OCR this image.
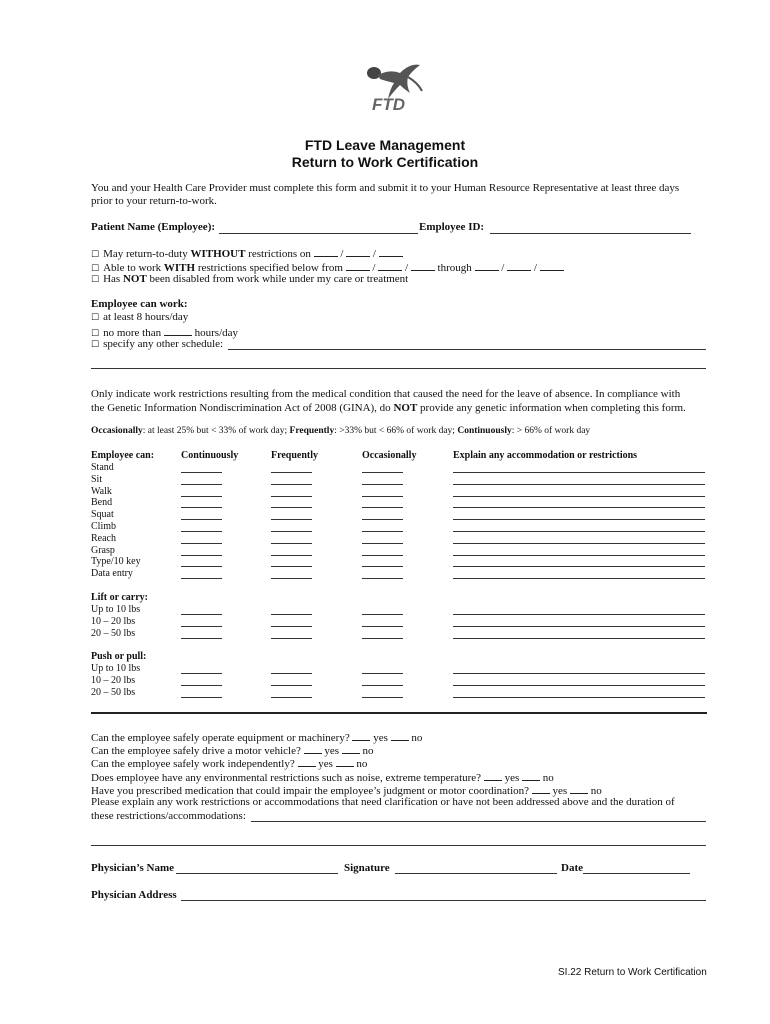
FTD
FTD Leave Management
Return to Work Certification
You and your Health Care Provider must complete this form and submit it to your Human Resource Representative at least three days
prior to your return-to-work.
Patient Name (Employee):	Employee ID:
☐ May return-to-duty WITHOUT restrictions on	/	/
☐ Able to work WITH restrictions specified below from	/	/	through	/	/
☐ Has NOT been disabled from work while under my care or treatment
Employee can work:
☐ at least 8 hours/day
☐ no more than	hours/day
☐ specify any other schedule:
Only indicate work restrictions resulting from the medical condition that caused the need for the leave of absence. In compliance with
the Genetic Information Nondiscrimination Act of 2008 (GINA), do NOT provide any genetic information when completing this form.
Occasionally: at least 25% but < 33% of work day; Frequently: >33% but < 66% of work day; Continuously: > 66% of work day
Employee can:	Continuously	Frequently	Occasionally	Explain any accommodation or restrictions
Stand
Sit
Walk
Bend
Squat
Climb
Reach
Grasp
Type/10 key
Data entry
Lift or carry:
Up to 10 lbs
10 – 20 lbs
20 – 50 lbs
Push or pull:
Up to 10 lbs
10 – 20 lbs
20 – 50 lbs
Can the employee safely operate equipment or machinery? yes no
Can the employee safely drive a motor vehicle? yes no
Can the employee safely work independently? yes no
Does employee have any environmental restrictions such as noise, extreme temperature? yes no
Have you prescribed medication that could impair the employee’s judgment or motor coordination? yes no
Please explain any work restrictions or accommodations that need clarification or have not been addressed above and the duration of
these restrictions/accommodations:
Physician’s Name	Signature	Date
Physician Address
SI.22 Return to Work Certification
